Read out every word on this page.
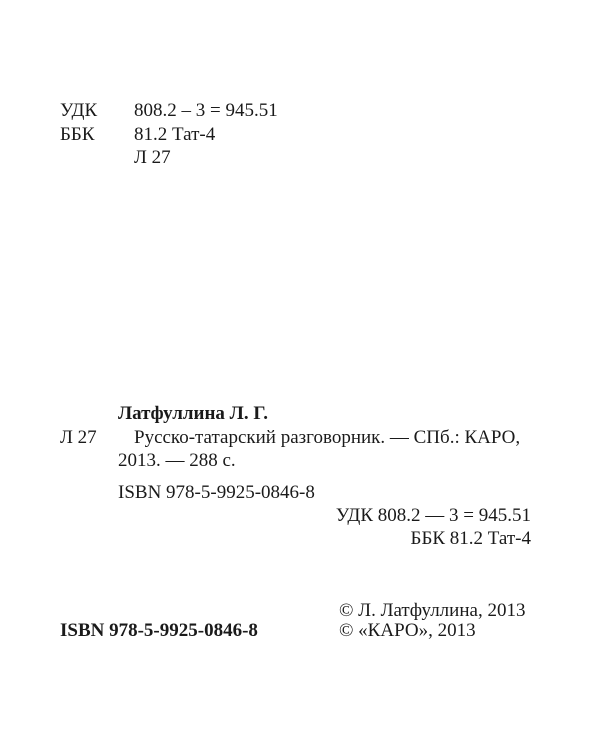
УДК 808.2 – 3 = 945.51
ББК 81.2 Тат-4
Л 27
Латфуллина Л. Г.
Л 27 Русско-татарский разговорник. — СПб.: КАРО,
2013. — 288 с.
ISBN 978-5-9925-0846-8
УДК 808.2 — 3 = 945.51
ББК 81.2 Тат-4
© Л. Латфуллина, 2013
ISBN 978-5-9925-0846-8	© «КАРО», 2013
